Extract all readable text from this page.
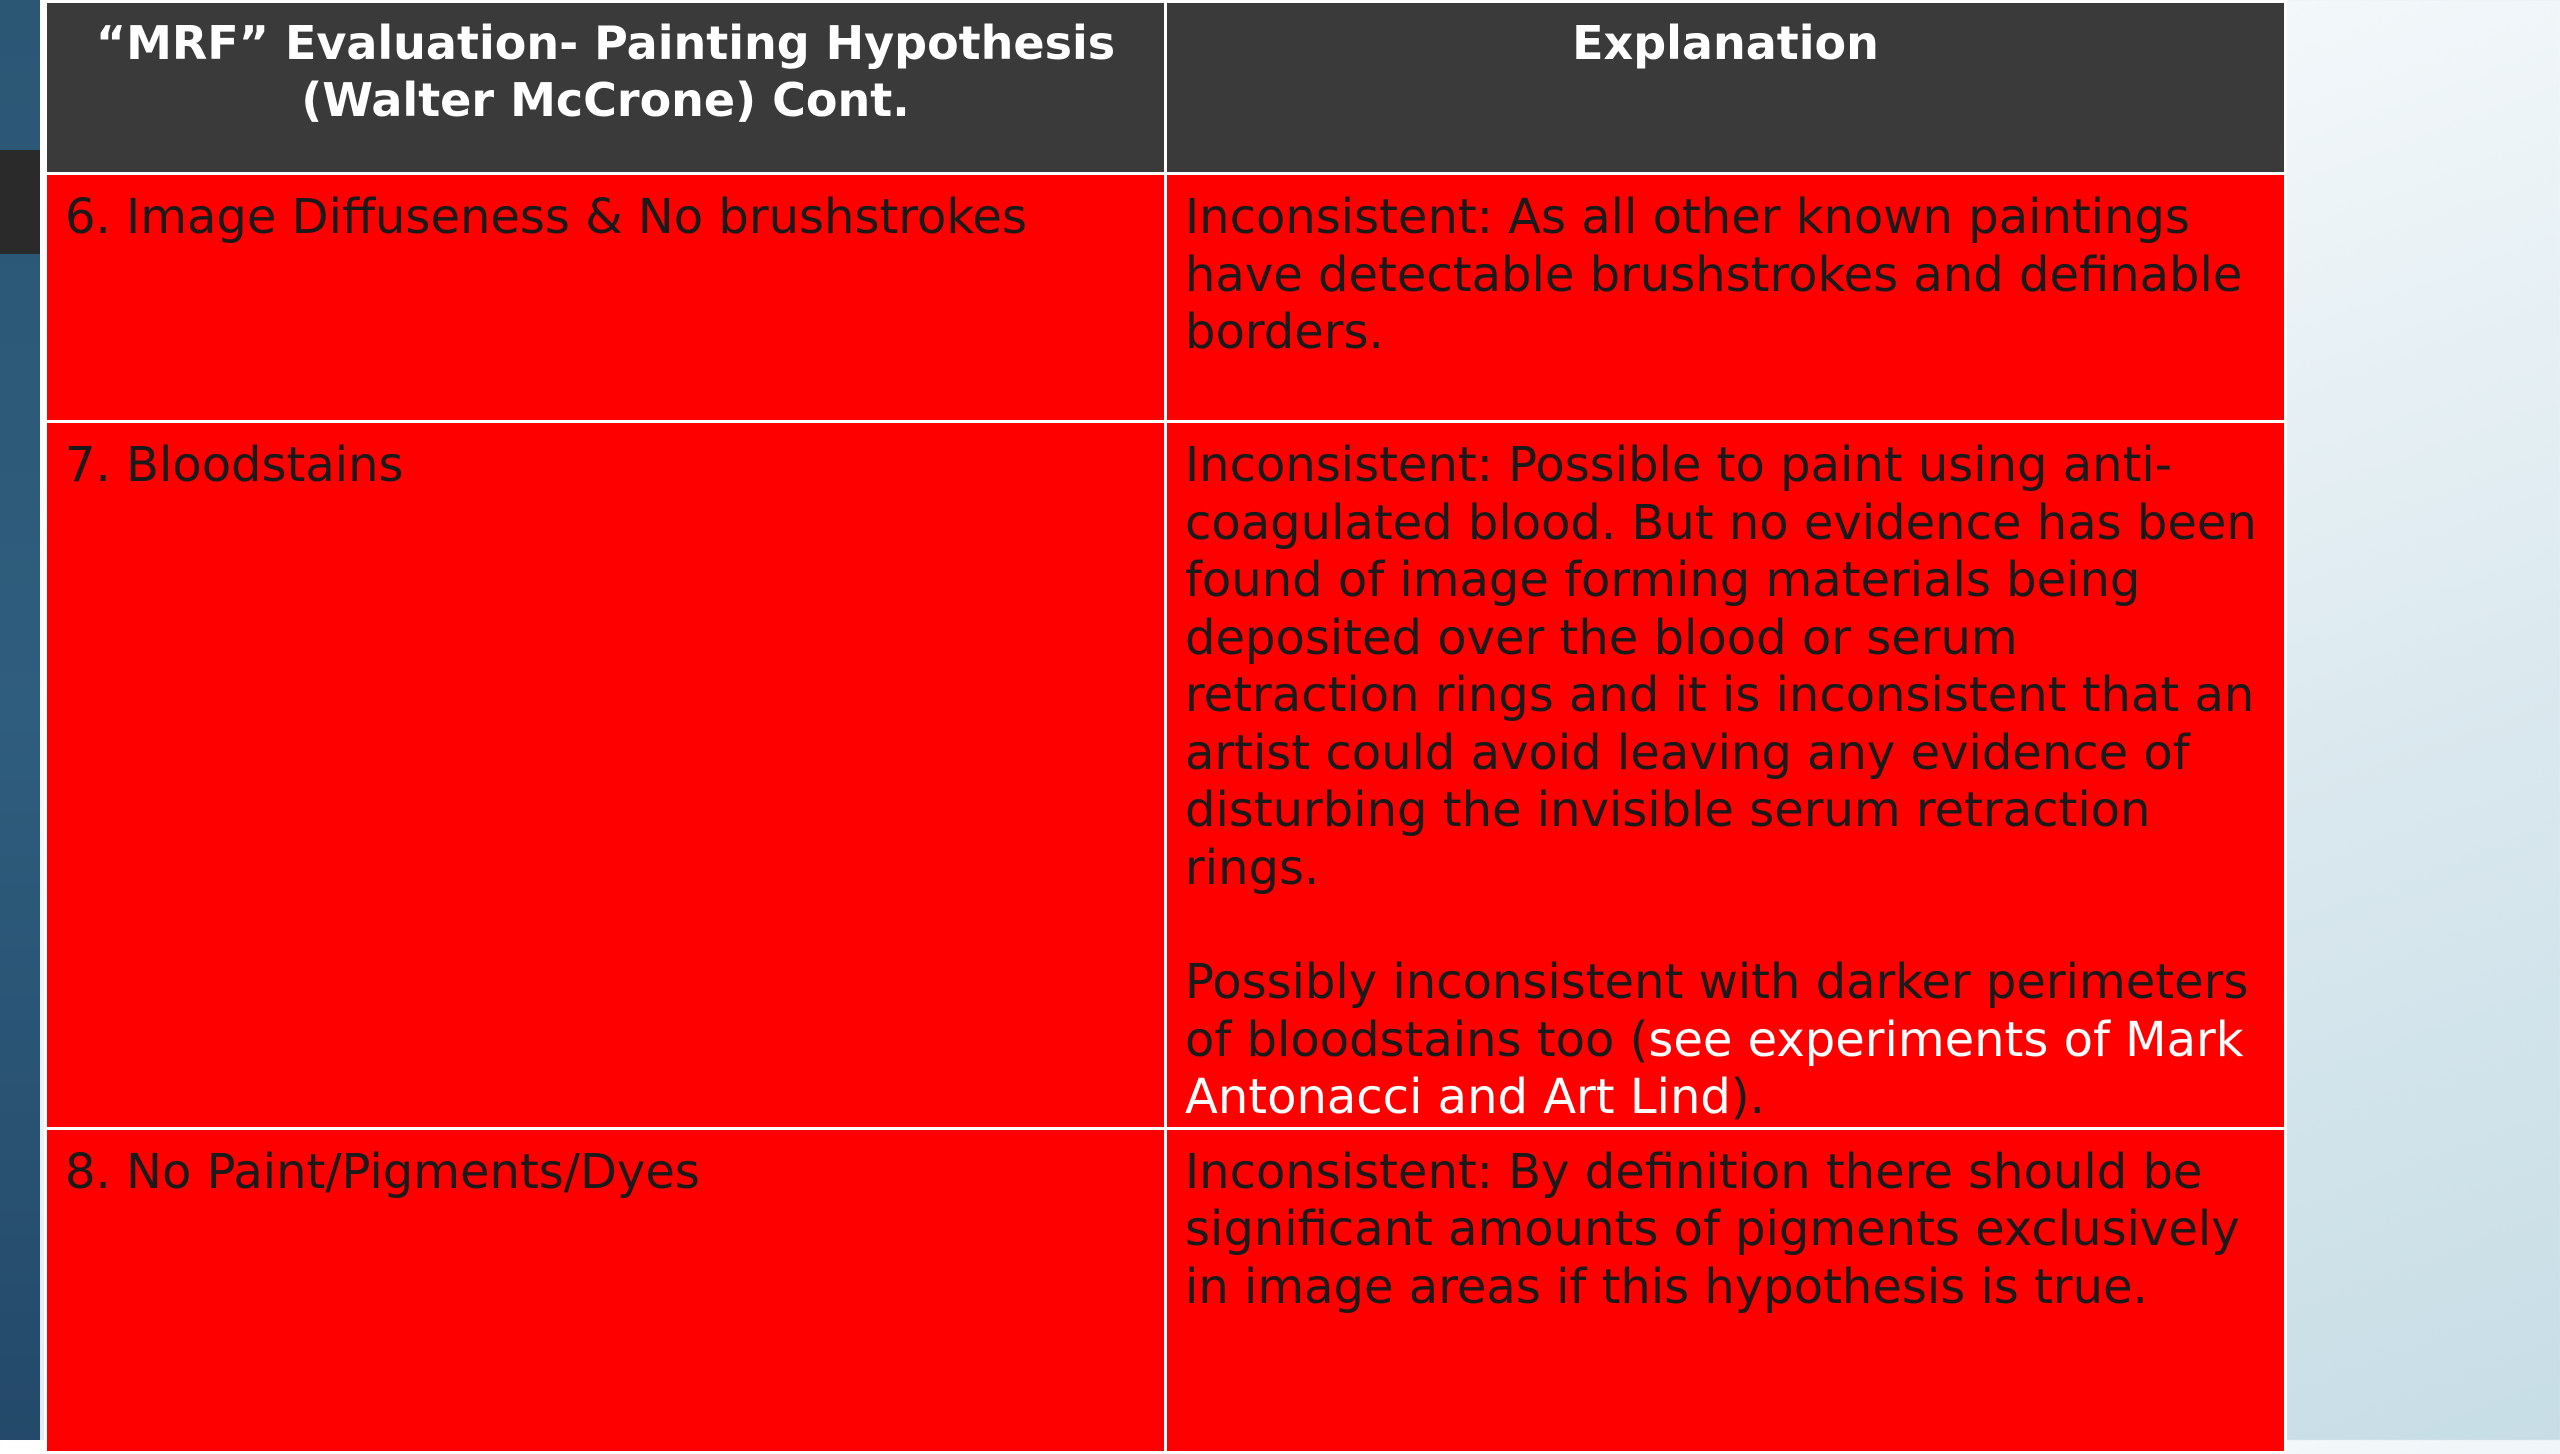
“MRF” Evaluation- Painting Hypothesis (Walter McCrone) Cont.	Explanation
6. Image Diffuseness & No brushstrokes	Inconsistent: As all other known paintings have detectable brushstrokes and definable borders.
7. Bloodstains	Inconsistent: Possible to paint using anti-coagulated blood. But no evidence has been found of image forming materials being deposited over the blood or serum retraction rings and it is inconsistent that an artist could avoid leaving any evidence of disturbing the invisible serum retraction rings.
Possibly inconsistent with darker perimeters of bloodstains too (see experiments of Mark Antonacci and Art Lind).

8. No Paint/Pigments/Dyes	Inconsistent: By definition there should be significant amounts of pigments exclusively in image areas if this hypothesis is true.
